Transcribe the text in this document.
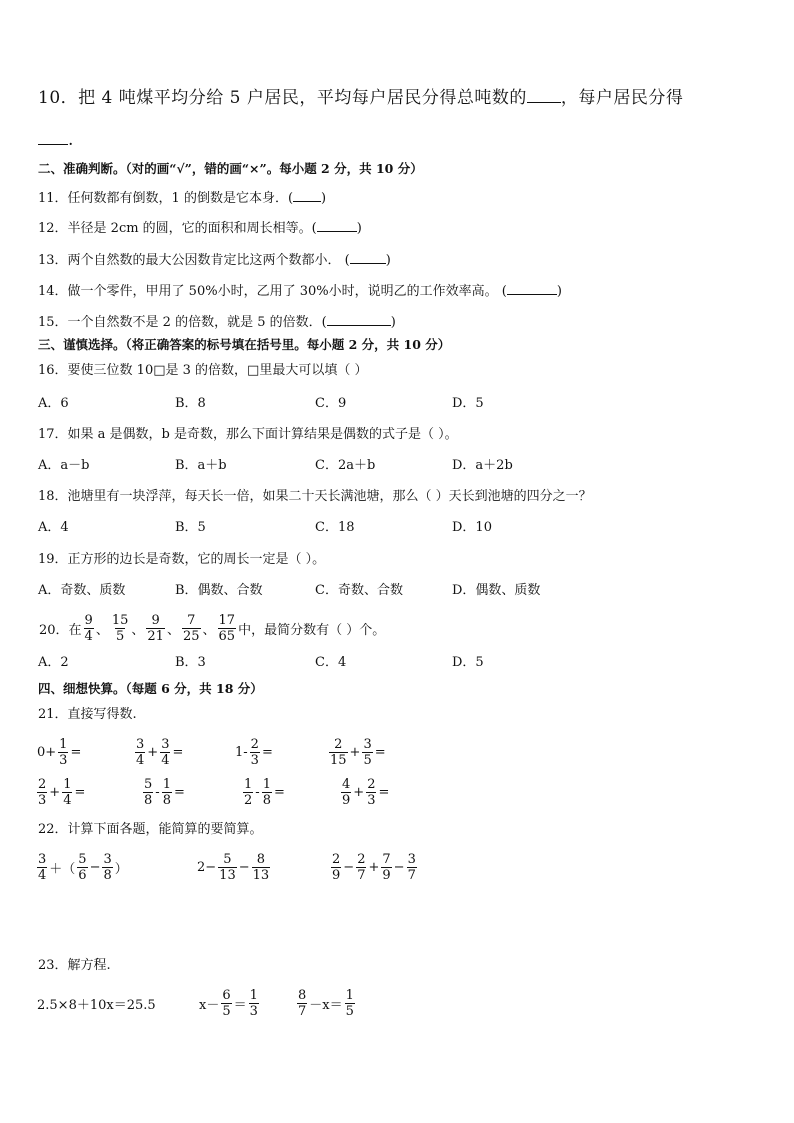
10．把 4 吨煤平均分给 5 户居民，平均每户居民分得总吨数的 ，每户居民分得
.
二、准确判断。（对的画“√”，错的画“×”。每小题 2 分，共 10 分）
11．任何数都有倒数，1 的倒数是它本身．( )
12．半径是 2cm 的圆，它的面积和周长相等。(	)
13．两个自然数的最大公因数肯定比这两个数都小． (	)
14．做一个零件，甲用了 50%小时，乙用了 30%小时，说明乙的工作效率高。 (	)
15．一个自然数不是 2 的倍数，就是 5 的倍数．(	)
三、谨慎选择。（将正确答案的标号填在括号里。每小题 2 分，共 10 分）
16．要使三位数 10□是 3 的倍数，□里最大可以填（ ）
A．6	B．8	C．9	D．5
17．如果 a 是偶数，b 是奇数，那么下面计算结果是偶数的式子是（ ）。
A．a－b	B．a＋b	C．2a＋b	D．a＋2b
18．池塘里有一块浮萍，每天长一倍，如果二十天长满池塘，那么（ ）天长到池塘的四分之一？
A．4	B．5	C．18	D．10
19．正方形的边长是奇数，它的周长一定是（ ）。
A．奇数、质数	B．偶数、合数	C．奇数、合数	D．偶数、质数
20．在 $\frac{9}{4}$ 、 $\frac{15}{5}$ 、 $\frac{9}{21}$ 、 $\frac{7}{25}$ 、 $\frac{17}{65}$ 中，最简分数有（ ）个。
A．2	B．3	C．4	D．5
四、细想快算。（每题 6 分，共 18 分）
21．直接写得数.
$0+ \frac{1}{3}$ =	$\frac{3}{4} + \frac{3}{4}$ =	$1- \frac{2}{3}$ =	$\frac{2}{15} + \frac{3}{5}$ =
$\frac{2}{3} + \frac{1}{4}$ =	$\frac{5}{8} - \frac{1}{8}$ =	$\frac{1}{2} - \frac{1}{8}$ =	$\frac{4}{9} + \frac{2}{3}$ =
22．计算下面各题，能简算的要简算。
$\frac{3}{4}$ ＋（ $\frac{5}{6} - \frac{3}{8}$ ）	$2- \frac{5}{13} - \frac{8}{13}$	$\frac{2}{9} - \frac{2}{7} + \frac{7}{9} - \frac{3}{7}$
23．解方程.
2.5×8＋10x＝25.5	$x- \frac{6}{5} = \frac{1}{3}$	$\frac{8}{7} -x= \frac{1}{5}$
